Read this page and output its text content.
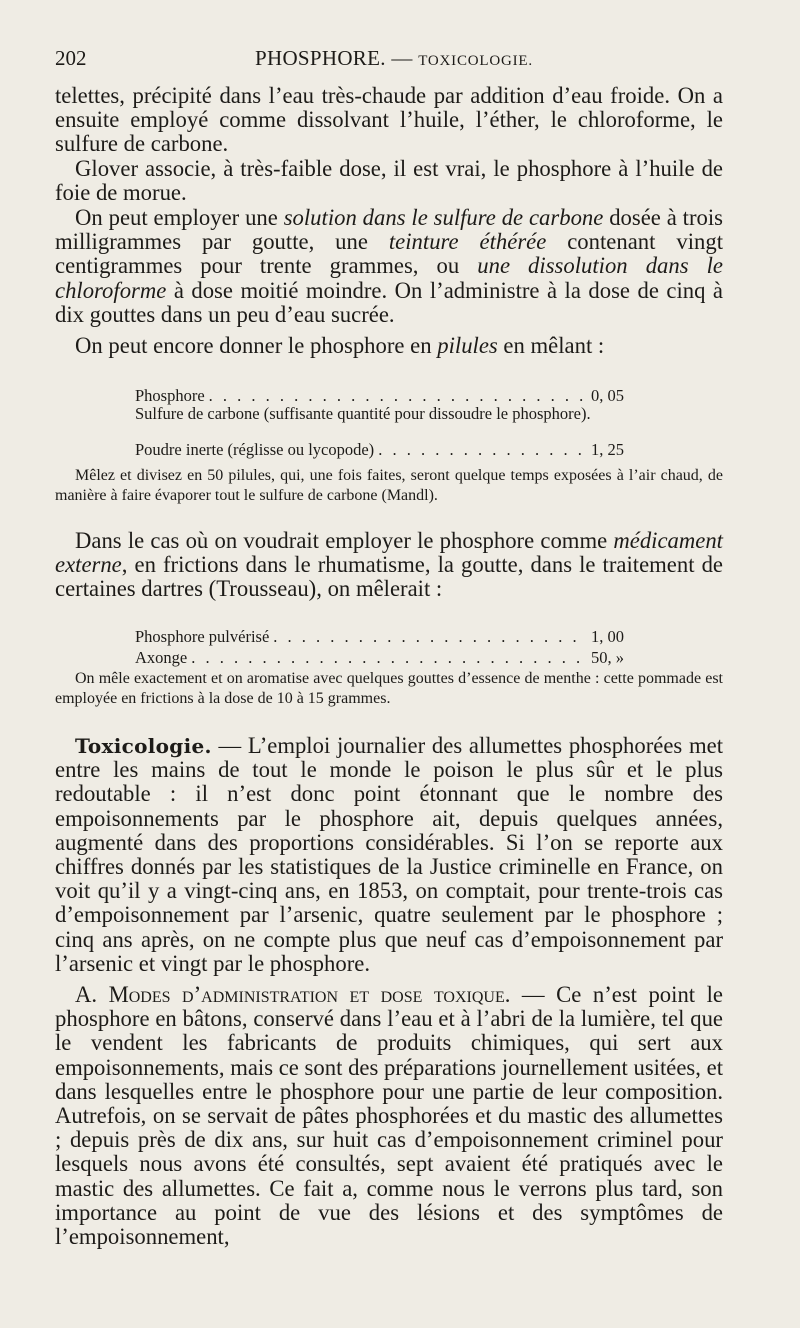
202	PHOSPHORE. — TOXICOLOGIE.

telettes, précipité dans l’eau très-chaude par addition d’eau froide. On a ensuite employé comme dissolvant l’huile, l’éther, le chloroforme, le sulfure de carbone.

Glover associe, à très-faible dose, il est vrai, le phosphore à l’huile de foie de morue.

On peut employer une solution dans le sulfure de carbone dosée à trois milligrammes par goutte, une teinture éthérée contenant vingt centigrammes pour trente grammes, ou une dissolution dans le chloroforme à dose moitié moindre. On l’administre à la dose de cinq à dix gouttes dans un peu d’eau sucrée.

On peut encore donner le phosphore en pilules en mêlant :

Phosphore . . .	0, 05

Sulfure de carbone (suffisante quantité pour dissoudre le phosphore).

Poudre inerte (réglisse ou lycopode) . . .	1, 25

Mêlez et divisez en 50 pilules, qui, une fois faites, seront quelque temps exposées à l’air chaud, de manière à faire évaporer tout le sulfure de carbone (Mandl).

Dans le cas où on voudrait employer le phosphore comme médicament externe, en frictions dans le rhumatisme, la goutte, dans le traitement de certaines dartres (Trousseau), on mêlerait :

Phosphore pulvérisé . . .	1, 00
Axonge . . .	50, »

On mêle exactement et on aromatise avec quelques gouttes d’essence de menthe : cette pommade est employée en frictions à la dose de 10 à 15 grammes.

Toxicologie. — L’emploi journalier des allumettes phosphorées met entre les mains de tout le monde le poison le plus sûr et le plus redoutable : il n’est donc point étonnant que le nombre des empoisonnements par le phosphore ait, depuis quelques années, augmenté dans des proportions considérables. Si l’on se reporte aux chiffres donnés par les statistiques de la Justice criminelle en France, on voit qu’il y a vingt-cinq ans, en 1853, on comptait, pour trente-trois cas d’empoisonnement par l’arsenic, quatre seulement par le phosphore ; cinq ans après, on ne compte plus que neuf cas d’empoisonnement par l’arsenic et vingt par le phosphore.

A. Modes d’administration et dose toxique. — Ce n’est point le phosphore en bâtons, conservé dans l’eau et à l’abri de la lumière, tel que le vendent les fabricants de produits chimiques, qui sert aux empoisonnements, mais ce sont des préparations journellement usitées, et dans lesquelles entre le phosphore pour une partie de leur composition. Autrefois, on se servait de pâtes phosphorées et du mastic des allumettes ; depuis près de dix ans, sur huit cas d’empoisonnement criminel pour lesquels nous avons été consultés, sept avaient été pratiqués avec le mastic des allumettes. Ce fait a, comme nous le verrons plus tard, son importance au point de vue des lésions et des symptômes de l’empoisonnement,
